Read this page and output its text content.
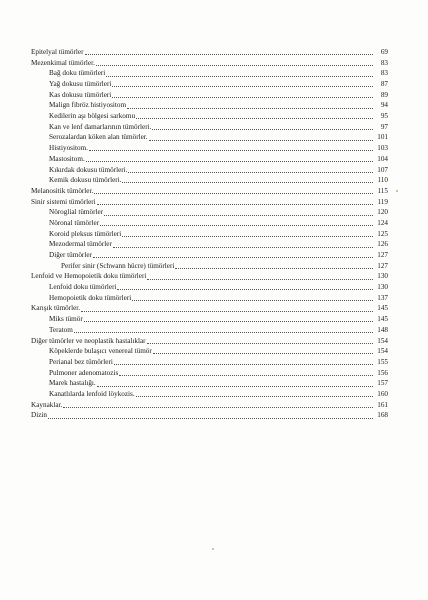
Epitelyal tümörler	69
Mezenkimal tümörler.	83
Bağ doku tümörleri	83
Yağ dokusu tümörleri	87
Kas dokusu tümörleri	89
Malign fibröz histiyositom	94
Kedilerin aşı bölgesi sarkomu	95
Kan ve lenf damarlarının tümörleri.	97
Serozalardan köken alan tümörler.	101
Histiyositom.	103
Mastositom.	104
Kıkırdak dokusu tümörleri.	107
Kemik dokusu tümörleri.	110
Melanositik tümörler.	115
Sinir sistemi tümörleri	119
Nöroglial tümörler	120
Nöronal tümörler	124
Koroid pleksus tümörleri	125
Mezodermal tümörler	126
Diğer tümörler	127
Perifer sinir (Schwann hücre) tümörleri	127
Lenfoid ve Hemopoietik doku tümörleri	130
Lenfoid doku tümörleri	130
Hemopoietik doku tümörleri	137
Karışık tümörler.	145
Miks tümör	145
Teratom	148
Diğer tümörler ve neoplastik hastalıklar	154
Köpeklerde bulaşıcı venereal tümör	154
Perianal bez tümörleri	155
Pulmoner adenomatozis	156
Marek hastalığı.	157
Kanatlılarda lenfoid löykozis.	160
Kaynaklar.	161
Dizin	168
